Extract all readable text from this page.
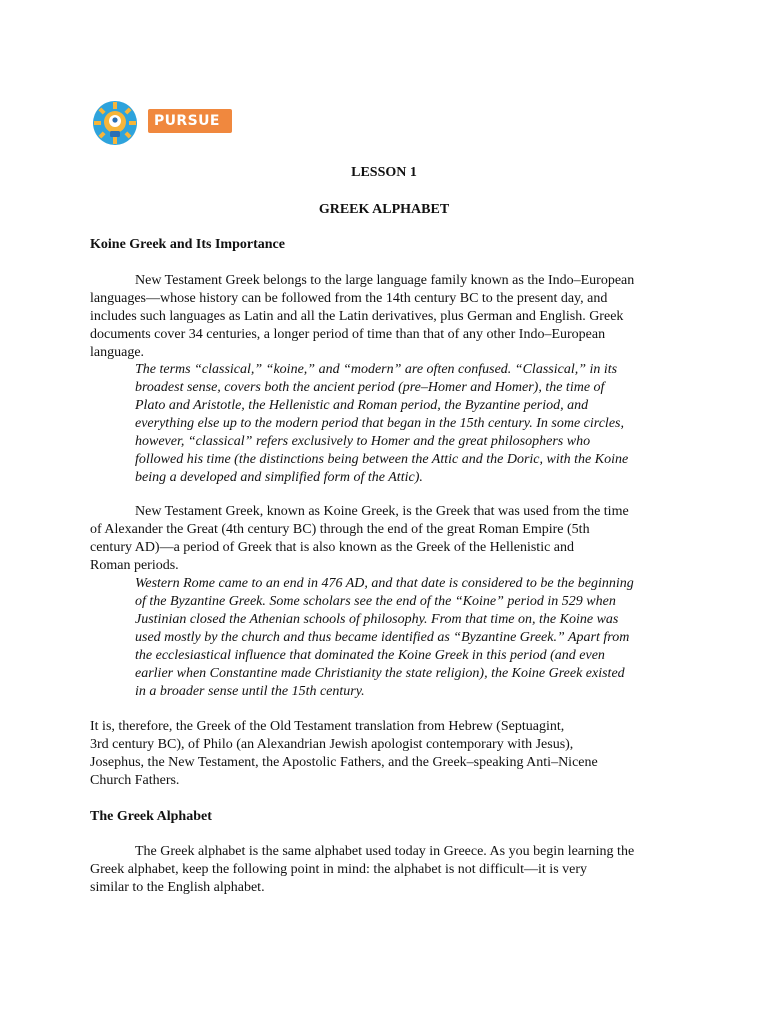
PURSUE
LESSON 1
GREEK ALPHABET
Koine Greek and Its Importance
New Testament Greek belongs to the large language family known as the Indo–European
languages—whose history can be followed from the 14th century BC to the present day, and
includes such languages as Latin and all the Latin derivatives, plus German and English. Greek
documents cover 34 centuries, a longer period of time than that of any other Indo–European
language.
The terms “classical,” “koine,” and “modern” are often confused. “Classical,” in its
broadest sense, covers both the ancient period (pre–Homer and Homer), the time of
Plato and Aristotle, the Hellenistic and Roman period, the Byzantine period, and
everything else up to the modern period that began in the 15th century. In some circles,
however, “classical” refers exclusively to Homer and the great philosophers who
followed his time (the distinctions being between the Attic and the Doric, with the Koine
being a developed and simplified form of the Attic).
New Testament Greek, known as Koine Greek, is the Greek that was used from the time
of Alexander the Great (4th century BC) through the end of the great Roman Empire (5th
century AD)—a period of Greek that is also known as the Greek of the Hellenistic and
Roman periods.
Western Rome came to an end in 476 AD, and that date is considered to be the beginning
of the Byzantine Greek. Some scholars see the end of the “Koine” period in 529 when
Justinian closed the Athenian schools of philosophy. From that time on, the Koine was
used mostly by the church and thus became identified as “Byzantine Greek.” Apart from
the ecclesiastical influence that dominated the Koine Greek in this period (and even
earlier when Constantine made Christianity the state religion), the Koine Greek existed
in a broader sense until the 15th century.
It is, therefore, the Greek of the Old Testament translation from Hebrew (Septuagint,
3rd century BC), of Philo (an Alexandrian Jewish apologist contemporary with Jesus),
Josephus, the New Testament, the Apostolic Fathers, and the Greek–speaking Anti–Nicene
Church Fathers.
The Greek Alphabet
The Greek alphabet is the same alphabet used today in Greece. As you begin learning the
Greek alphabet, keep the following point in mind: the alphabet is not difficult—it is very
similar to the English alphabet.
